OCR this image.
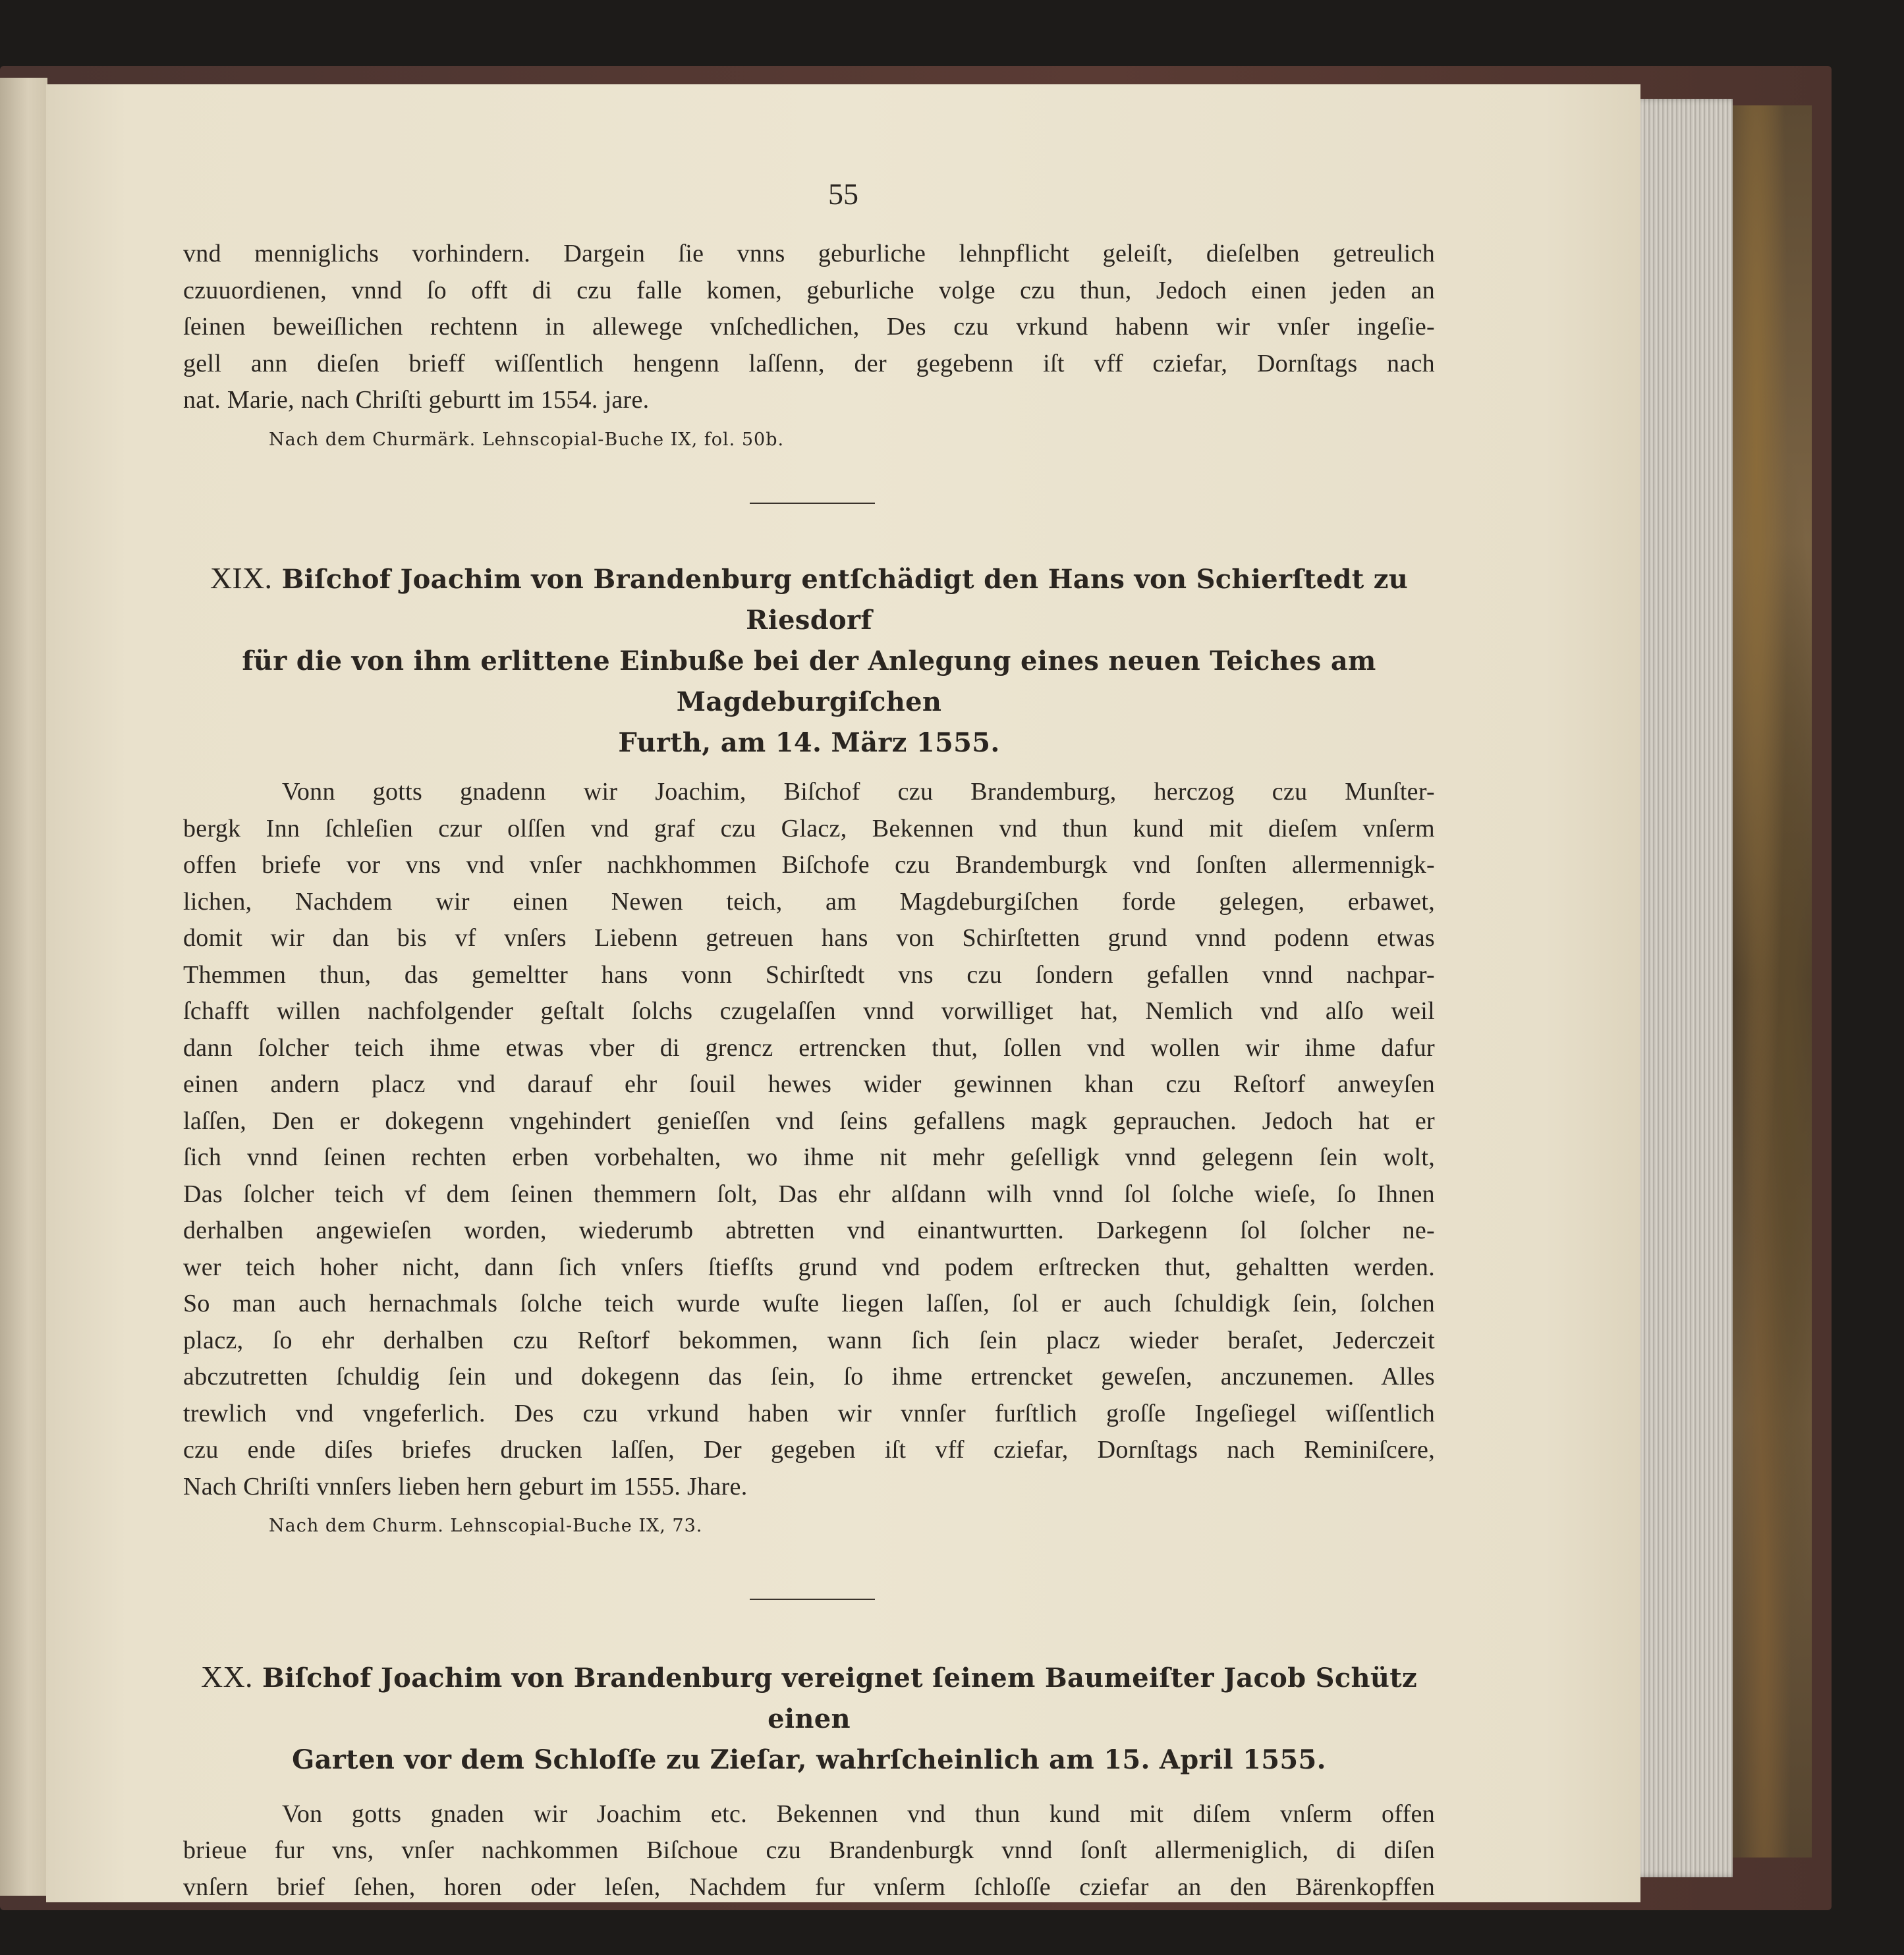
55
vnd menniglichs vorhindern. Dargein ſie vnns geburliche lehnpflicht geleiſt, dieſelben getreulich
czuuordienen, vnnd ſo offt di czu falle komen, geburliche volge czu thun, Jedoch einen jeden an
ſeinen beweiſlichen rechtenn in allewege vnſchedlichen, Des czu vrkund habenn wir vnſer ingeſie-
gell ann dieſen brieff wiſſentlich hengenn laſſenn, der gegebenn iſt vff cziefar, Dornſtags nach
nat. Marie, nach Chriſti geburtt im 1554. jare.
Nach dem Churmärk. Lehnscopial-Buche IX, fol. 50b.
XIX. Biſchof Joachim von Brandenburg entſchädigt den Hans von Schierſtedt zu Riesdorf
für die von ihm erlittene Einbuße bei der Anlegung eines neuen Teiches am Magdeburgiſchen
Furth, am 14. März 1555.
Vonn gotts gnadenn wir Joachim, Biſchof czu Brandemburg, herczog czu Munſter-
bergk Inn ſchleſien czur olſſen vnd graf czu Glacz, Bekennen vnd thun kund mit dieſem vnſerm
offen briefe vor vns vnd vnſer nachkhommen Biſchofe czu Brandemburgk vnd ſonſten allermennigk-
lichen, Nachdem wir einen Newen teich, am Magdeburgiſchen forde gelegen, erbawet,
domit wir dan bis vf vnſers Liebenn getreuen hans von Schirſtetten grund vnnd podenn etwas
Themmen thun, das gemeltter hans vonn Schirſtedt vns czu ſondern gefallen vnnd nachpar-
ſchafft willen nachfolgender geſtalt ſolchs czugelaſſen vnnd vorwilliget hat, Nemlich vnd alſo weil
dann ſolcher teich ihme etwas vber di grencz ertrencken thut, ſollen vnd wollen wir ihme dafur
einen andern placz vnd darauf ehr ſouil hewes wider gewinnen khan czu Reſtorf anweyſen
laſſen, Den er dokegenn vngehindert genieſſen vnd ſeins gefallens magk geprauchen. Jedoch hat er
ſich vnnd ſeinen rechten erben vorbehalten, wo ihme nit mehr geſelligk vnnd gelegenn ſein wolt,
Das ſolcher teich vf dem ſeinen themmern ſolt, Das ehr alſdann wilh vnnd ſol ſolche wieſe, ſo Ihnen
derhalben angewieſen worden, wiederumb abtretten vnd einantwurtten. Darkegenn ſol ſolcher ne-
wer teich hoher nicht, dann ſich vnſers ſtiefſts grund vnd podem erſtrecken thut, gehaltten werden.
So man auch hernachmals ſolche teich wurde wuſte liegen laſſen, ſol er auch ſchuldigk ſein, ſolchen
placz, ſo ehr derhalben czu Reſtorf bekommen, wann ſich ſein placz wieder beraſet, Jederczeit
abczutretten ſchuldig ſein und dokegenn das ſein, ſo ihme ertrencket geweſen, anczunemen. Alles
trewlich vnd vngeferlich. Des czu vrkund haben wir vnnſer furſtlich groſſe Ingeſiegel wiſſentlich
czu ende diſes briefes drucken laſſen, Der gegeben iſt vff cziefar, Dornſtags nach Reminiſcere,
Nach Chriſti vnnſers lieben hern geburt im 1555. Jhare.
Nach dem Churm. Lehnscopial-Buche IX, 73.
XX. Biſchof Joachim von Brandenburg vereignet ſeinem Baumeiſter Jacob Schütz einen
Garten vor dem Schloſſe zu Zieſar, wahrſcheinlich am 15. April 1555.
Von gotts gnaden wir Joachim etc. Bekennen vnd thun kund mit diſem vnſerm offen
brieue fur vns, vnſer nachkommen Biſchoue czu Brandenburgk vnnd ſonſt allermeniglich, di diſen
vnſern brief ſehen, horen oder leſen, Nachdem fur vnſerm ſchloſſe cziefar an den Bärenkopffen
